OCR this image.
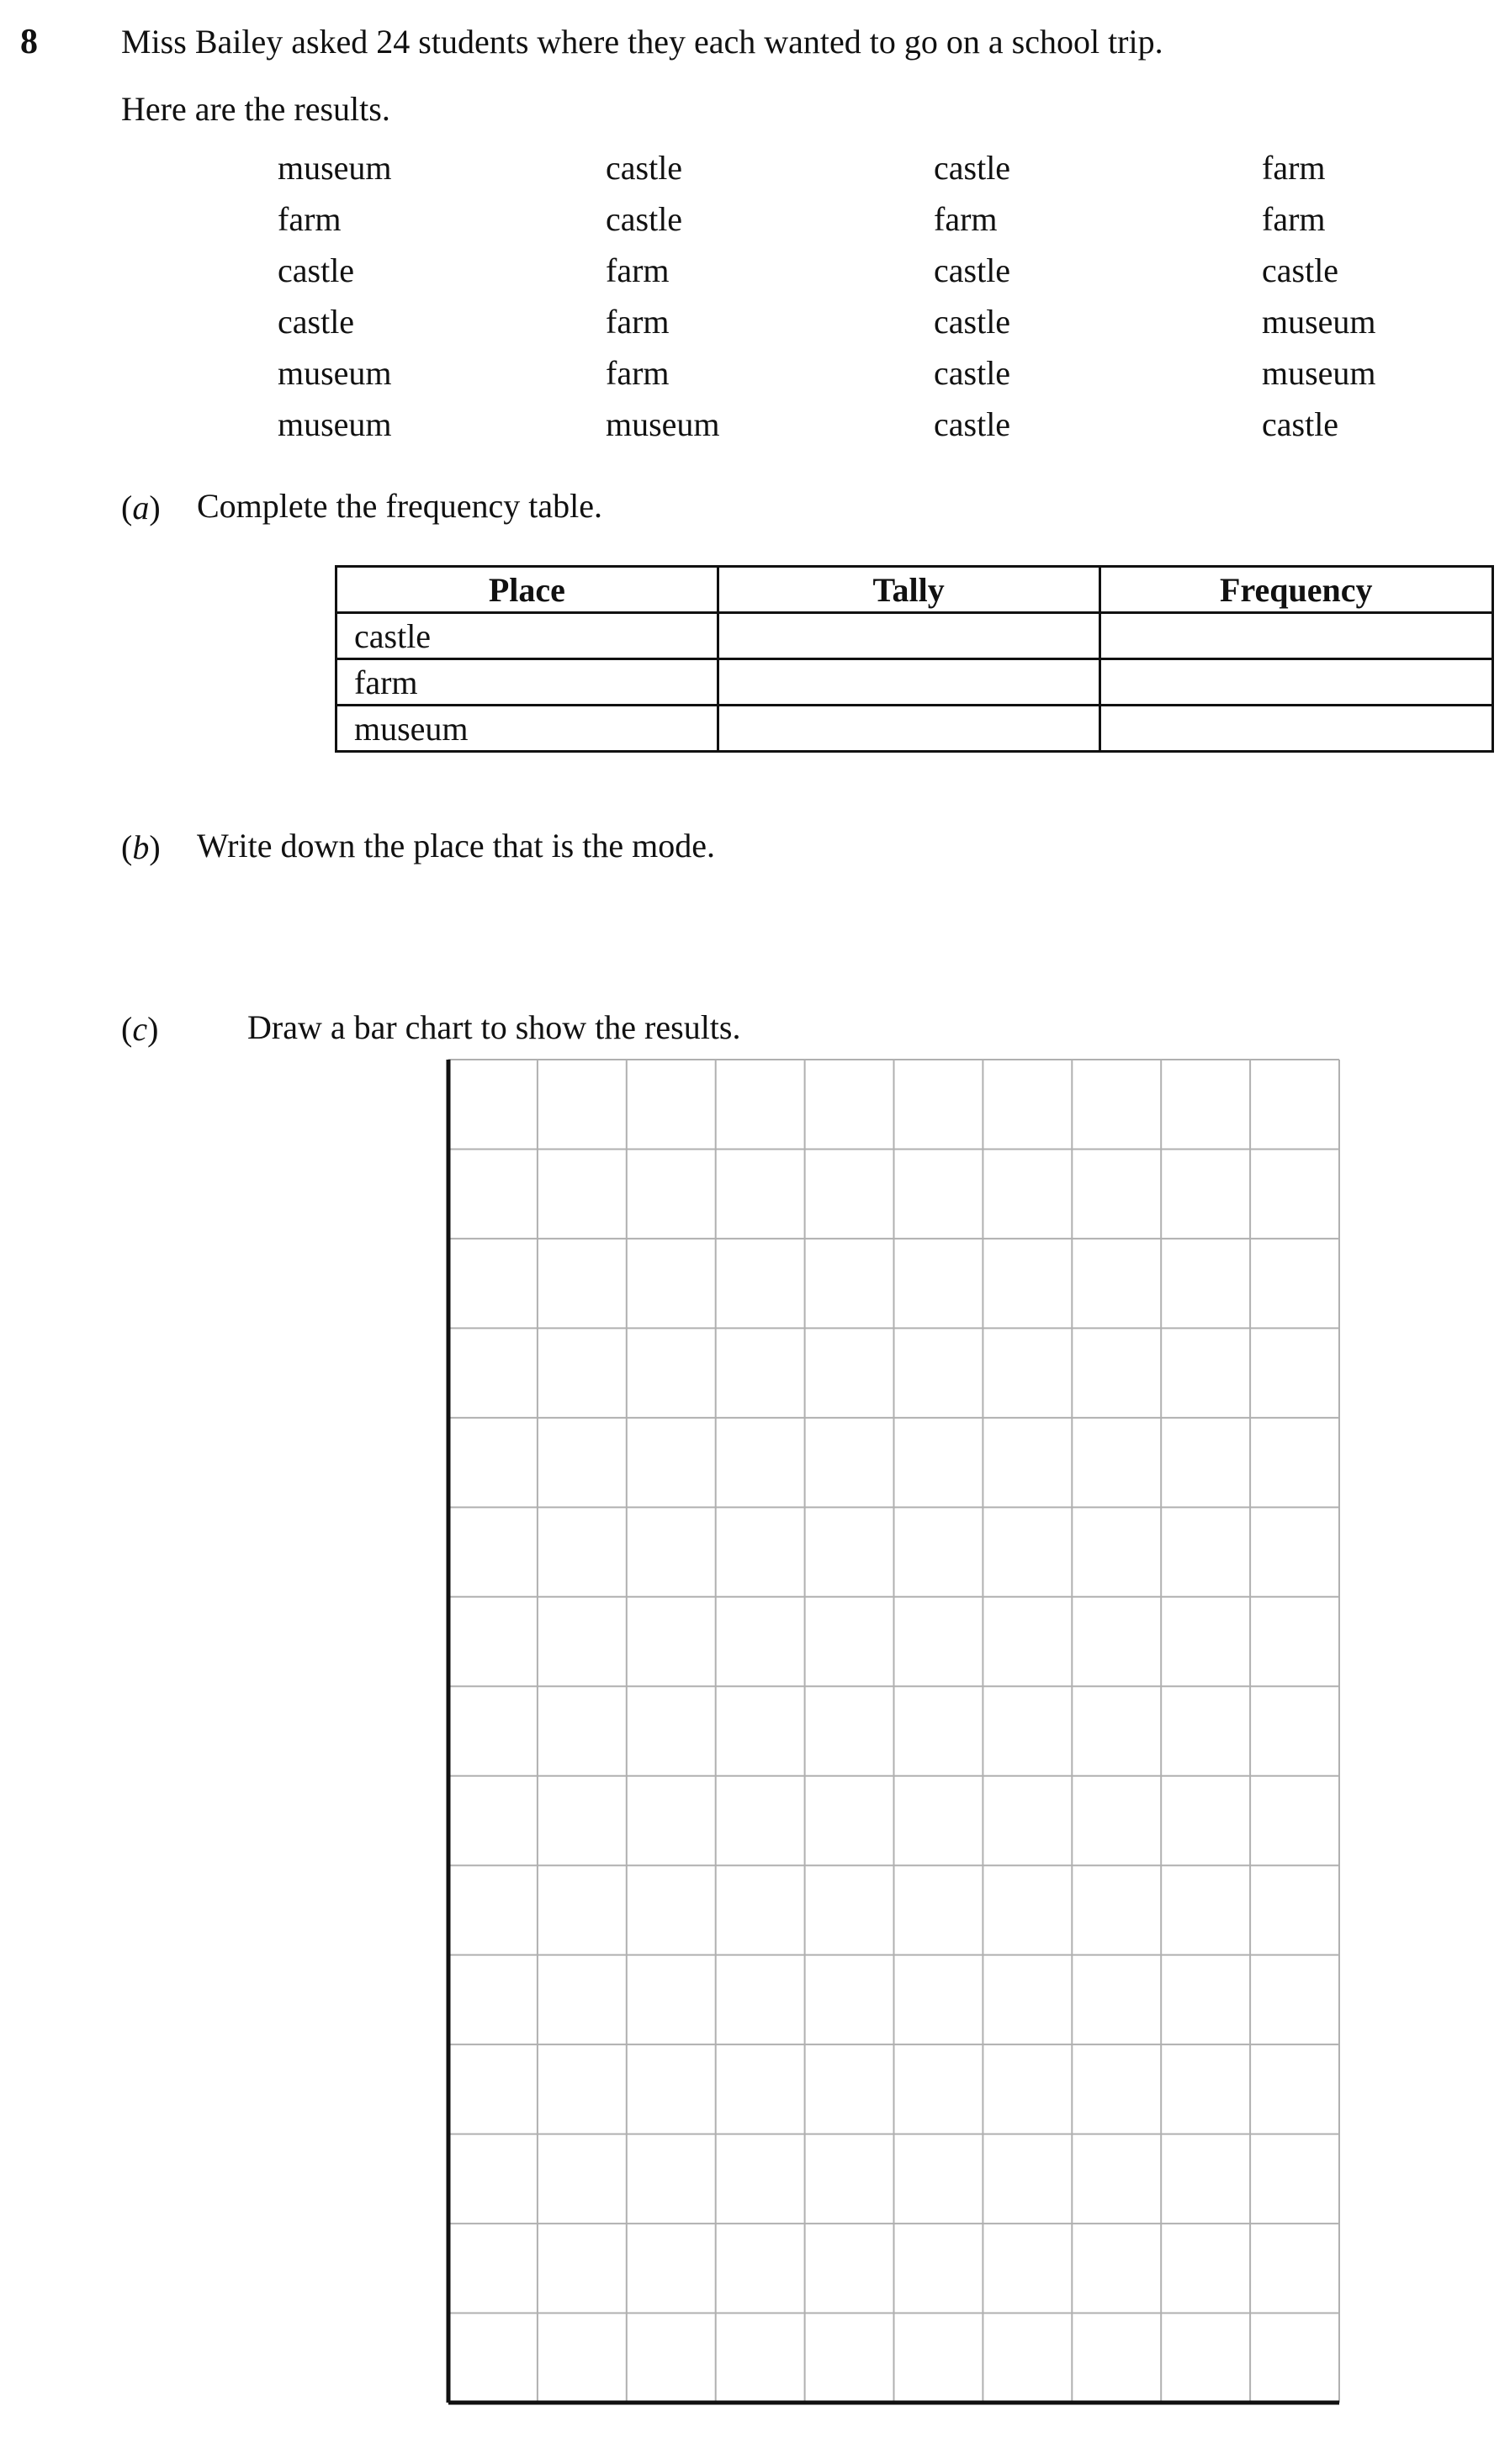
8 Miss Bailey asked 24 students where they each wanted to go on a school trip.
Here are the results.
museum	castle	castle	farm
farm	castle	farm	farm
castle	farm	castle	castle
castle	farm	castle	museum
museum	farm	castle	museum
museum	museum	castle	castle
(a) Complete the frequency table.
Place	Tally	Frequency
castle		
farm		
museum		
(b) Write down the place that is the mode.
(c)	Draw a bar chart to show the results.
